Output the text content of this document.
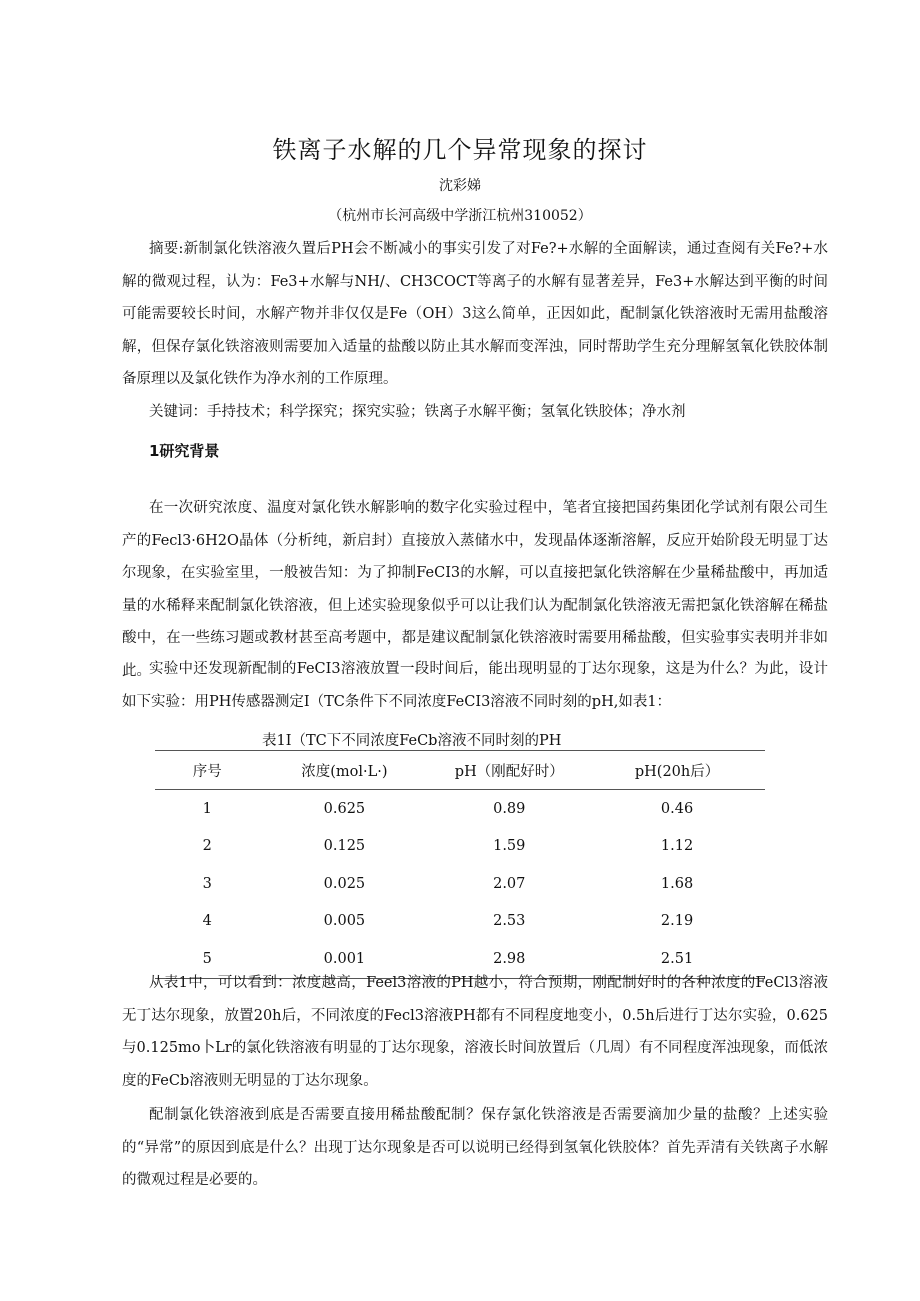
铁离子水解的几个异常现象的探讨
沈彩娣
（杭州市长河高级中学浙江杭州310052）
摘要:新制氯化铁溶液久置后PH会不断减小的事实引发了对Fe?+水解的全面解读，通过查阅有关Fe?+水解的微观过程，认为：Fe3+水解与NH/、CH3COCT等离子的水解有显著差异，Fe3+水解达到平衡的时间可能需要较长时间，水解产物并非仅仅是Fe（OH）3这么简单，正因如此，配制氯化铁溶液时无需用盐酸溶解，但保存氯化铁溶液则需要加入适量的盐酸以防止其水解而变浑浊，同时帮助学生充分理解氢氧化铁胶体制备原理以及氯化铁作为净水剂的工作原理。
关键词：手持技术；科学探究；探究实验；铁离子水解平衡；氢氧化铁胶体；净水剂
1研究背景
在一次研究浓度、温度对氯化铁水解影响的数字化实验过程中，笔者宜接把国药集团化学试剂有限公司生产的Fecl3·6H2O晶体（分析纯，新启封）直接放入蒸储水中，发现晶体逐渐溶解，反应开始阶段无明显丁达尔现象，在实验室里，一般被告知：为了抑制FeCI3的水解，可以直接把氯化铁溶解在少量稀盐酸中，再加适量的水稀释来配制氯化铁溶液，但上述实验现象似乎可以让我们认为配制氯化铁溶液无需把氯化铁溶解在稀盐酸中，在一些练习题或教材甚至高考题中，都是建议配制氯化铁溶液时需要用稀盐酸，但实验事实表明并非如此。
实验中还发现新配制的FeCI3溶液放置一段时间后，能出现明显的丁达尔现象，这是为什么？为此，设计如下实验：用PH传感器测定I（TC条件下不同浓度FeCI3溶液不同时刻的pH,如表1：
表1I（TC下不同浓度FeCb溶液不同时刻的PH
序号	浓度(mol·L·)	pH（刚配好时）	pH(20h后）
1	0.625	0.89	0.46
2	0.125	1.59	1.12
3	0.025	2.07	1.68
4	0.005	2.53	2.19
5	0.001	2.98	2.51
从表1中，可以看到：浓度越高，Feel3溶液的PH越小，符合预期，刚配制好时的各种浓度的FeCl3溶液无丁达尔现象，放置20h后，不同浓度的Fecl3溶液PH都有不同程度地变小，0.5h后进行丁达尔实验，0.625与0.125mo卜Lr的氯化铁溶液有明显的丁达尔现象，溶液长时间放置后（几周）有不同程度浑浊现象，而低浓度的FeCb溶液则无明显的丁达尔现象。
配制氯化铁溶液到底是否需要直接用稀盐酸配制？保存氯化铁溶液是否需要滴加少量的盐酸？上述实验的“异常”的原因到底是什么？出现丁达尔现象是否可以说明已经得到氢氧化铁胶体？首先弄清有关铁离子水解的微观过程是必要的。
